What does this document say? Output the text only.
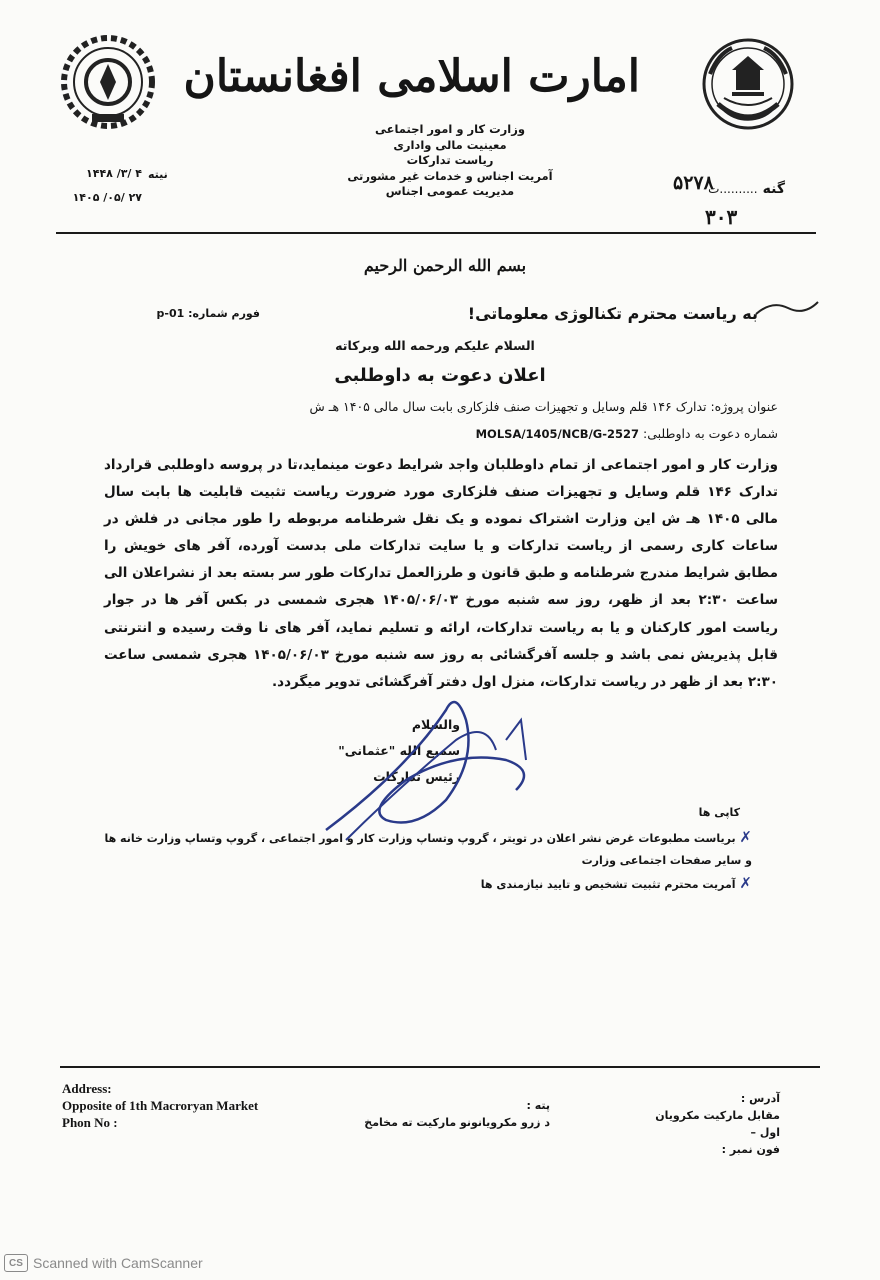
امارت اسلامی افغانستان
وزارت کار و امور اجتماعی
معینیت مالی واداری
ریاست تدارکات
آمریت اجناس و خدمات غیر مشورتی
مدیریت عمومی اجناس
نیته
۱۴۴۸ /۳/ ۴
۱۴۰۵ /۰۵/ ۲۷
گنه ..........ت
۵۲۷۸
۳۰۳
بسم الله الرحمن الرحیم
به ریاست محترم تکنالوژی معلوماتی!
فورم شماره: p-01
السلام علیکم ورحمه الله وبرکاته
اعلان دعوت به داوطلبی
عنوان پروژه: تدارک ۱۴۶ قلم وسایل و تجهیزات صنف فلزکاری بابت سال مالی ۱۴۰۵ هـ ش
شماره دعوت به داوطلبی: MOLSA/1405/NCB/G-2527
وزارت کار و امور اجتماعی از تمام داوطلبان واجد شرایط دعوت مینماید،تا در پروسه داوطلبی قرارداد تدارک ۱۴۶ قلم وسایل و تجهیزات صنف فلزکاری مورد ضرورت ریاست تثبیت قابلیت ها بابت سال مالی ۱۴۰۵ هـ ش این وزارت اشتراک نموده و یک نقل شرطنامه مربوطه را طور مجانی در فلش در ساعات کاری رسمی از ریاست تدارکات و یا سایت تدارکات ملی بدست آورده، آفر های خویش را مطابق شرایط مندرج شرطنامه و طبق قانون و طرزالعمل تدارکات طور سر بسته بعد از نشراعلان الی ساعت ۲:۳۰ بعد از ظهر، روز سه شنبه مورخ ۱۴۰۵/۰۶/۰۳ هجری شمسی در بکس آفر ها در جوار ریاست امور کارکنان و یا به ریاست تدارکات، ارائه و تسلیم نماید، آفر های نا وقت رسیده و انترنتی قابل پذیریش نمی باشد و جلسه آفرگشائی به روز سه شنبه مورخ ۱۴۰۵/۰۶/۰۳ هجری شمسی ساعت ۲:۳۰ بعد از ظهر در ریاست تدارکات، منزل اول دفتر آفرگشائی تدویر میگردد.
والسلام
سمیع الله "عثمانی"
رئیس تدارکات
کاپی ها
✗ بریاست مطبوعات غرض نشر اعلان در تویتر ، گروپ وتساپ وزارت کار و امور اجتماعی ، گروپ وتساپ وزارت خانه ها و سایر صفحات اجتماعی وزارت
✗ آمریت محترم تثبیت تشخیص و تایید نیازمندی ها
Address:
Opposite of 1th Macroryan Market
Phon No :
پته :
د زرو مکرویانونو مارکیت ته مخامخ
آدرس :
مقابل مارکیت مکرویان اول –
فون نمبر :
CS Scanned with CamScanner
